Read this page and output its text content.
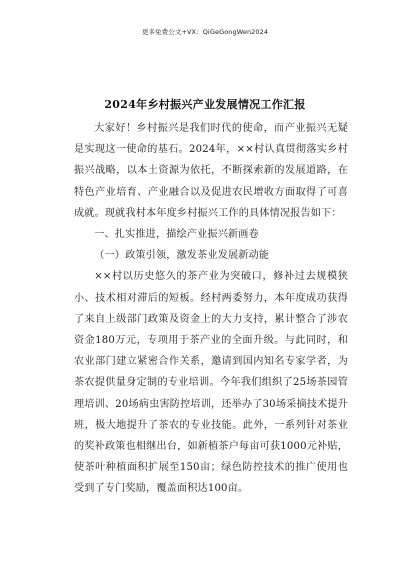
更多免费公文+VX：QiGeGongWen2024
2024年乡村振兴产业发展情况工作汇报

大家好！乡村振兴是我们时代的使命，而产业振兴无疑是实现这一使命的基石。2024年，××村认真贯彻落实乡村振兴战略，以本土资源为依托，不断探索新的发展道路，在特色产业培育、产业融合以及促进农民增收方面取得了可喜成就。现就我村本年度乡村振兴工作的具体情况报告如下：

一、扎实推进，描绘产业振兴新画卷

（一）政策引领，激发茶业发展新动能

××村以历史悠久的茶产业为突破口，修补过去规模狭小、技术相对滞后的短板。经村两委努力，本年度成功获得了来自上级部门政策及资金上的大力支持，累计整合了涉农资金180万元，专项用于茶产业的全面升级。与此同时，和农业部门建立紧密合作关系，邀请到国内知名专家学者，为茶农提供量身定制的专业培训。今年我们组织了25场茶园管理培训、20场病虫害防控培训，还举办了30场采摘技术提升班，极大地提升了茶农的专业技能。此外，一系列针对茶业的奖补政策也相继出台，如新植茶户每亩可获1000元补贴，使茶叶种植面积扩展至150亩；绿色防控技术的推广使用也受到了专门奖励，覆盖面积达100亩。
